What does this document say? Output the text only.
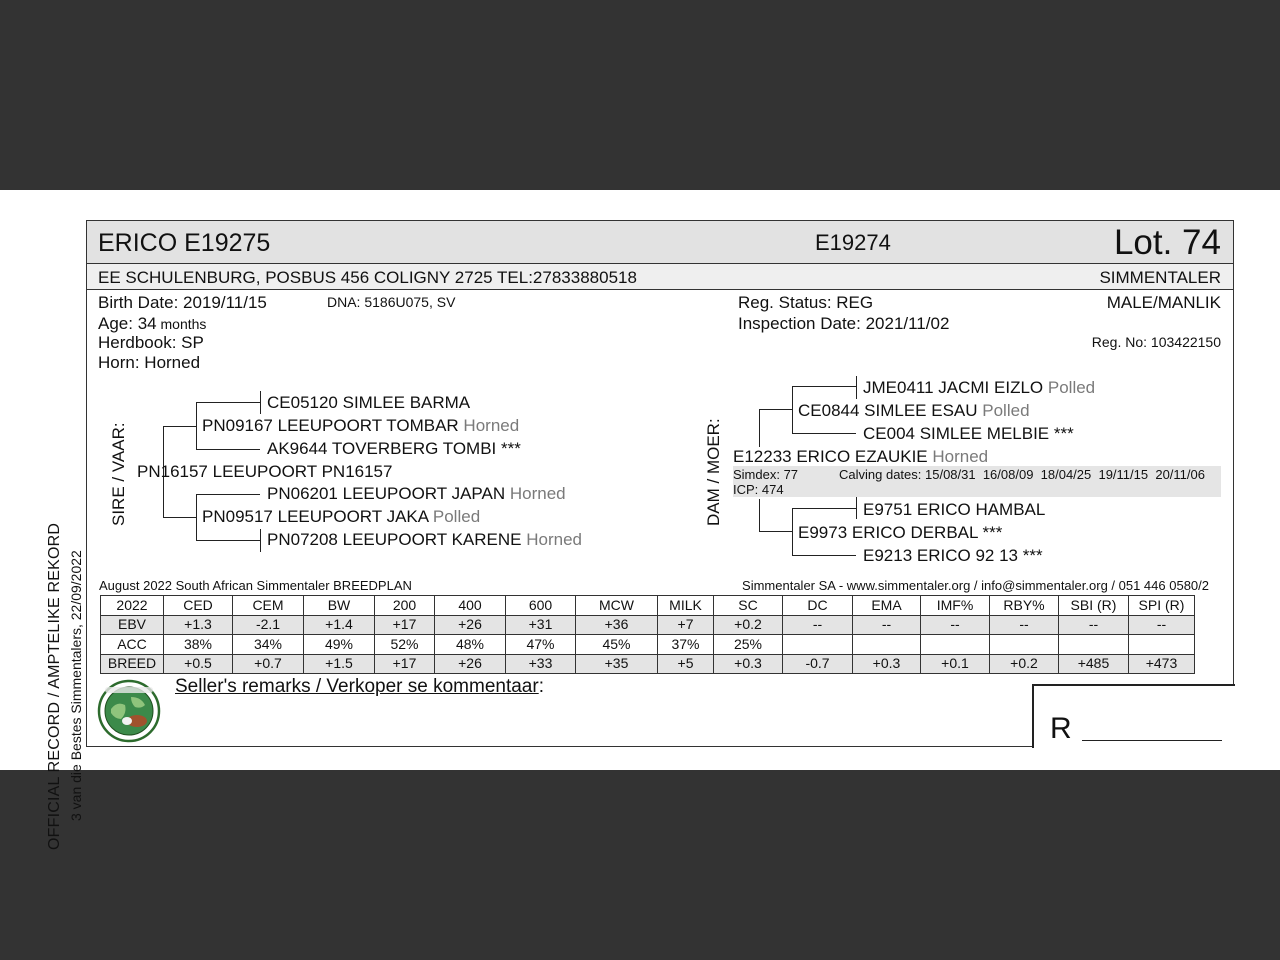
OFFICIAL RECORD / AMPTELIKE REKORD 3 van die Bestes Simmentalers, 22/09/2022
ERICO E19275	E19274	Lot. 74
EE SCHULENBURG, POSBUS 456 COLIGNY 2725 TEL:27833880518	SIMMENTALER
Birth Date: 2019/11/15	DNA: 5186U075, SV
Age: 34 months
Herdbook: SP
Horn: Horned
Reg. Status: REG
Inspection Date: 2021/11/02
MALE/MANLIK
Reg. No: 103422150
SIRE / VAAR:
CE05120 SIMLEE BARMA
PN09167 LEEUPOORT TOMBAR Horned
AK9644 TOVERBERG TOMBI ***
PN16157 LEEUPOORT PN16157
PN06201 LEEUPOORT JAPAN Horned
PN09517 LEEUPOORT JAKA Polled
PN07208 LEEUPOORT KARENE Horned
DAM / MOER:
JME0411 JACMI EIZLO Polled
CE0844 SIMLEE ESAU Polled
CE004 SIMLEE MELBIE ***
E12233 ERICO EZAUKIE Horned
Simdex: 77	Calving dates: 15/08/31  16/08/09  18/04/25  19/11/15  20/11/06
ICP: 474
E9751 ERICO HAMBAL
E9973 ERICO DERBAL ***
E9213 ERICO 92 13 ***
August 2022 South African Simmentaler BREEDPLAN	Simmentaler SA - www.simmentaler.org / info@simmentaler.org / 051 446 0580/2
2022	CED	CEM	BW	200	400	600	MCW	MILK	SC	DC	EMA	IMF%	RBY%	SBI (R)	SPI (R)
EBV	+1.3	-2.1	+1.4	+17	+26	+31	+36	+7	+0.2	--	--	--	--	--	--
ACC	38%	34%	49%	52%	48%	47%	45%	37%	25%						
BREED	+0.5	+0.7	+1.5	+17	+26	+33	+35	+5	+0.3	-0.7	+0.3	+0.1	+0.2	+485	+473
Seller's remarks / Verkoper se kommentaar:
R
